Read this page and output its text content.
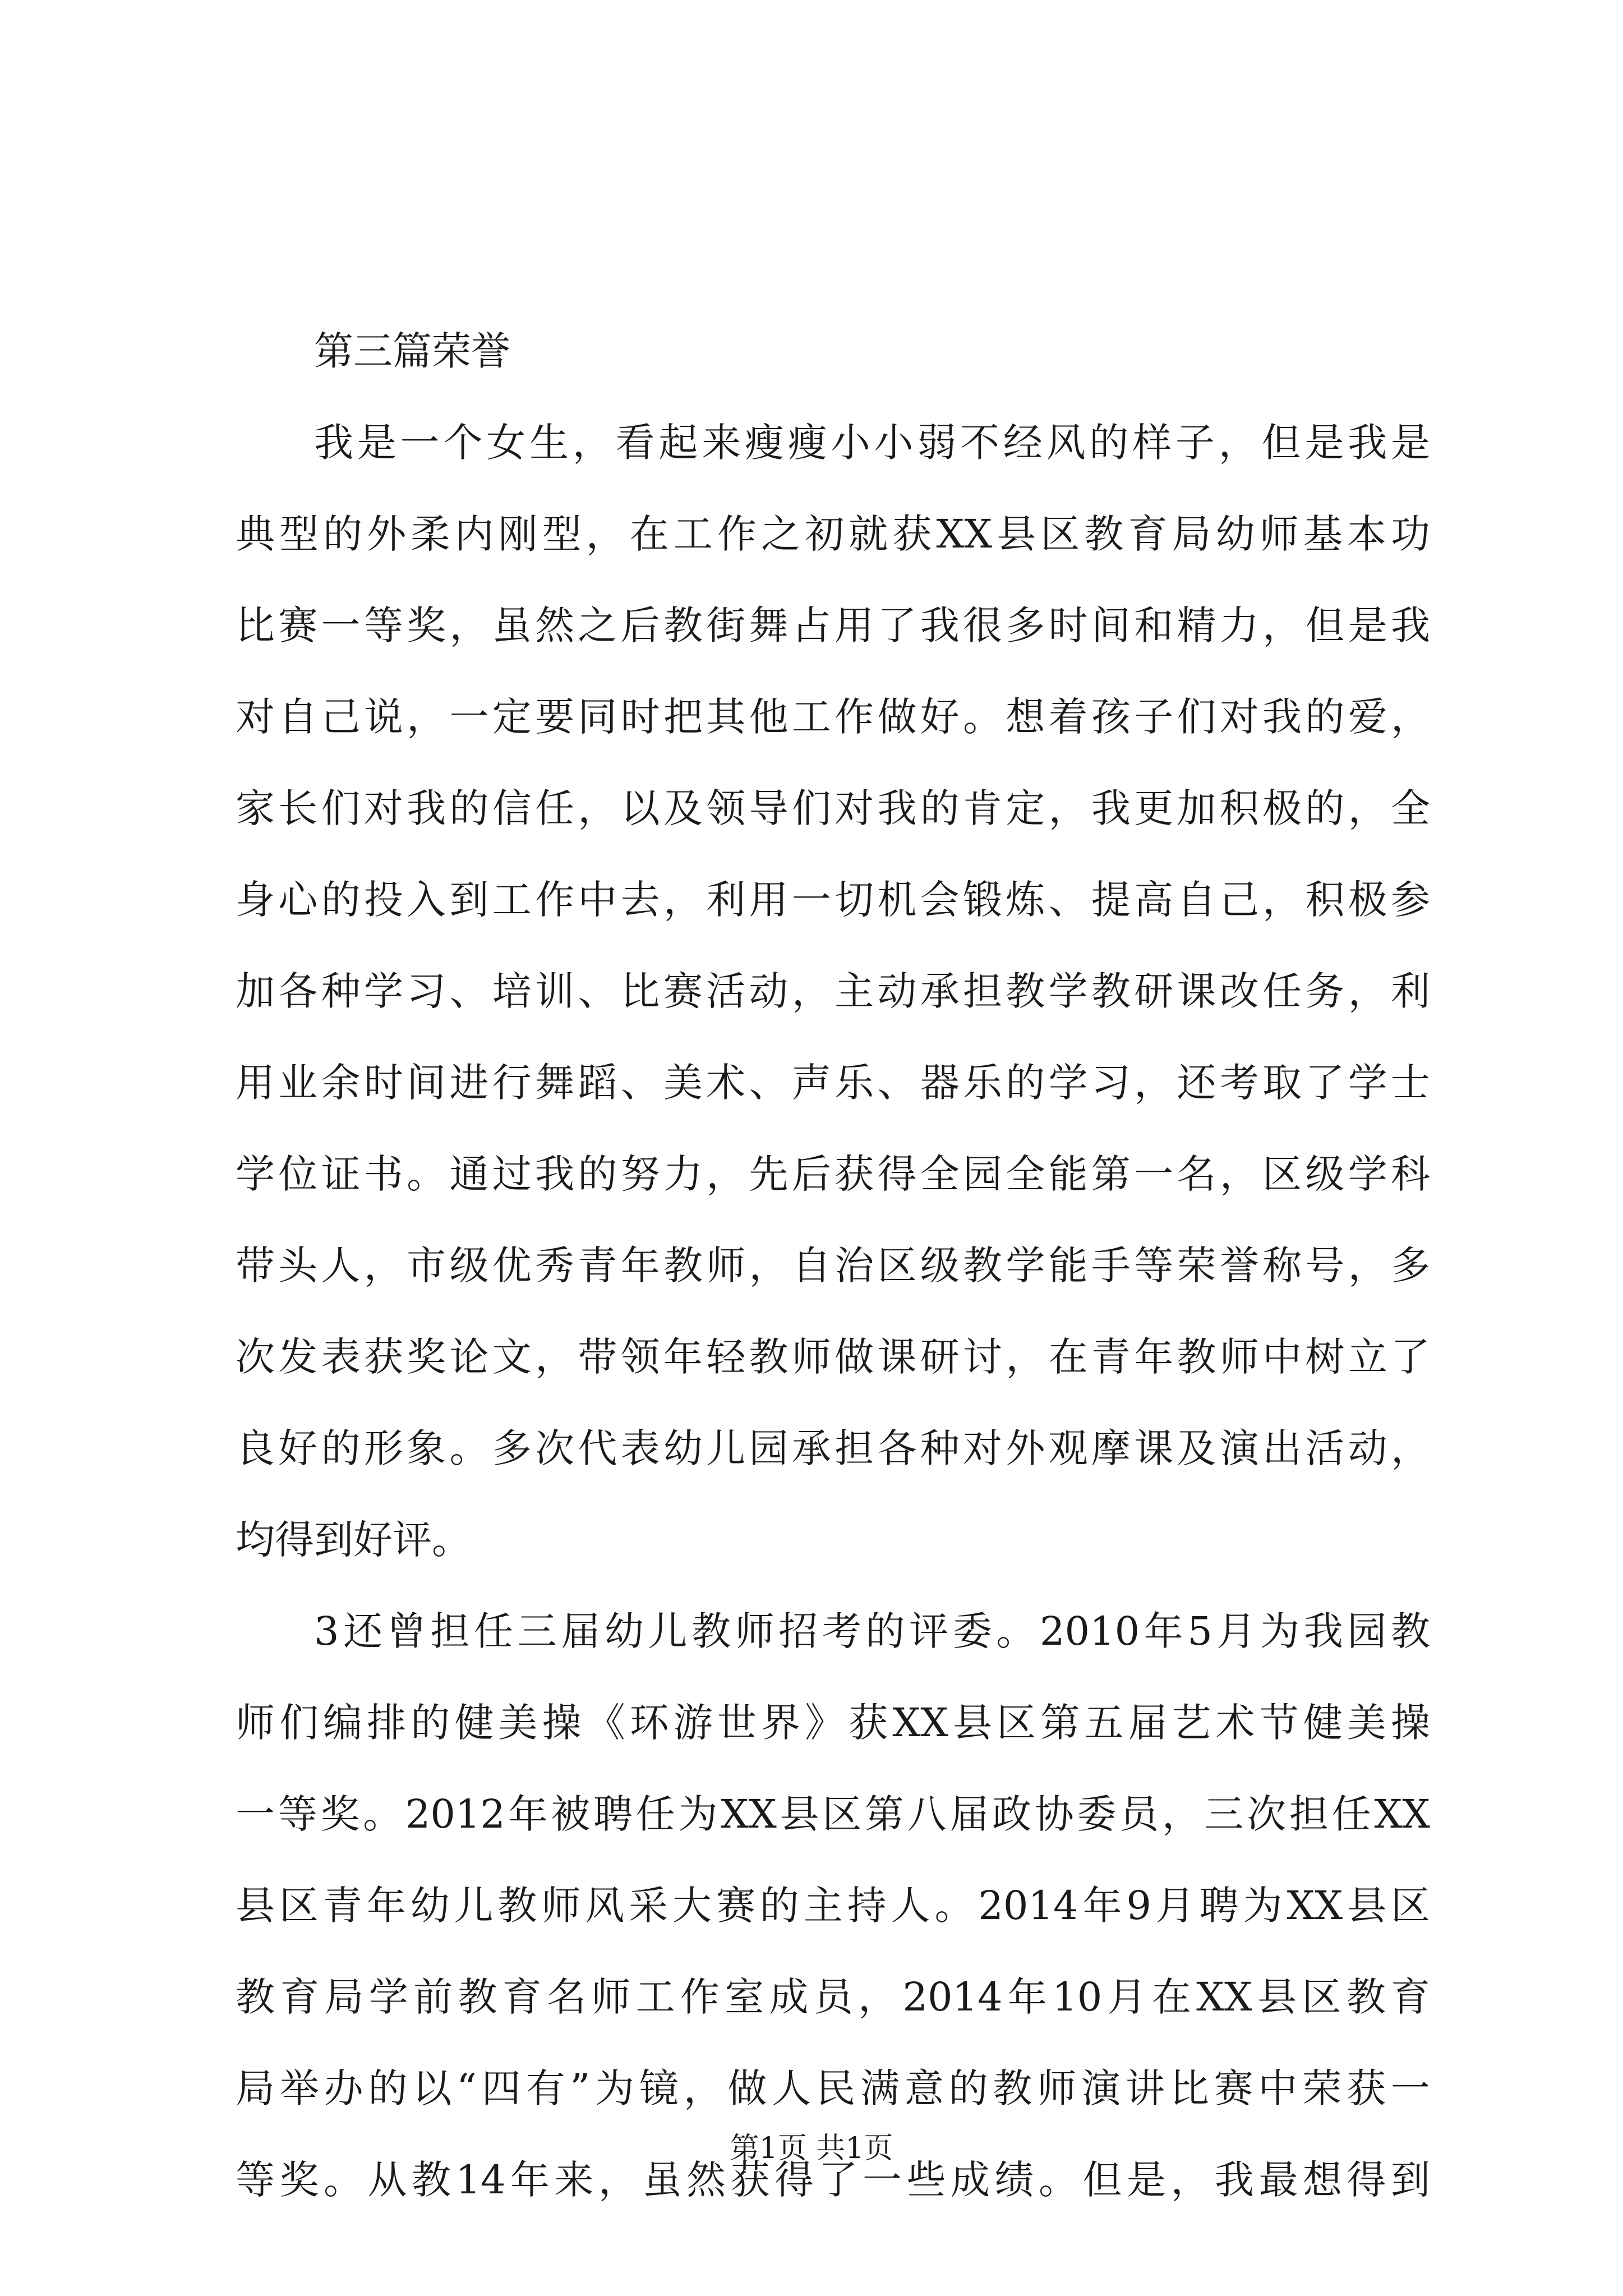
第三篇荣誉
我是一个女生，看起来瘦瘦小小弱不经风的样子，但是我是
典型的外柔内刚型，在工作之初就获XX县区教育局幼师基本功
比赛一等奖，虽然之后教街舞占用了我很多时间和精力，但是我
对自己说，一定要同时把其他工作做好。想着孩子们对我的爱，
家长们对我的信任，以及领导们对我的肯定，我更加积极的，全
身心的投入到工作中去，利用一切机会锻炼、提高自己，积极参
加各种学习、培训、比赛活动，主动承担教学教研课改任务，利
用业余时间进行舞蹈、美术、声乐、器乐的学习，还考取了学士
学位证书。通过我的努力，先后获得全园全能第一名，区级学科
带头人，市级优秀青年教师，自治区级教学能手等荣誉称号，多
次发表获奖论文，带领年轻教师做课研讨，在青年教师中树立了
良好的形象。多次代表幼儿园承担各种对外观摩课及演出活动，
均得到好评。
3还曾担任三届幼儿教师招考的评委。2010年5月为我园教
师们编排的健美操《环游世界》获XX县区第五届艺术节健美操
一等奖。2012年被聘任为XX县区第八届政协委员，三次担任XX
县区青年幼儿教师风采大赛的主持人。2014年9月聘为XX县区
教育局学前教育名师工作室成员，2014年10月在XX县区教育
局举办的以“四有”为镜，做人民满意的教师演讲比赛中荣获一
等奖。从教14年来，虽然获得了一些成绩。但是，我最想得到
第1页 共1页
